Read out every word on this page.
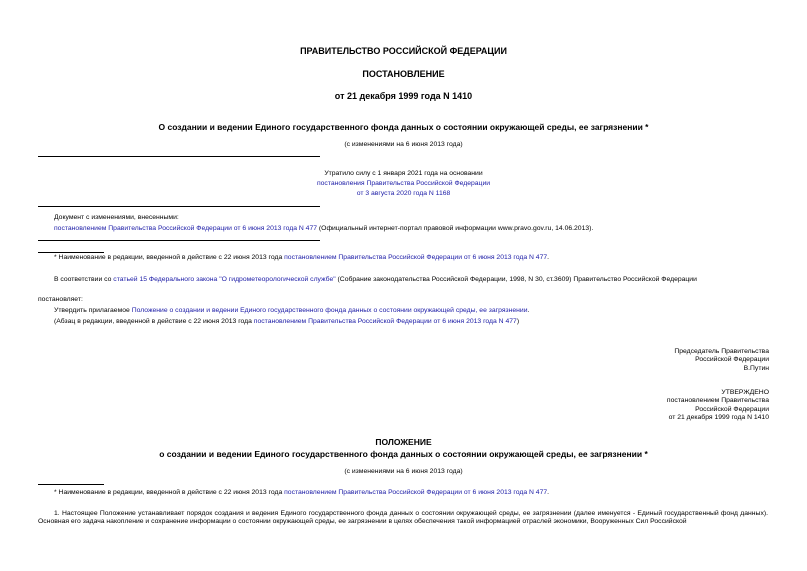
ПРАВИТЕЛЬСТВО РОССИЙСКОЙ ФЕДЕРАЦИИ
ПОСТАНОВЛЕНИЕ
от 21 декабря 1999 года N 1410
О создании и ведении Единого государственного фонда данных о состоянии окружающей среды, ее загрязнении *
(с изменениями на 6 июня 2013 года)
Утратило силу с 1 января 2021 года на основании
постановления Правительства Российской Федерации
от 3 августа 2020 года N 1168
Документ с изменениями, внесенными:
постановлением Правительства Российской Федерации от 6 июня 2013 года N 477 (Официальный интернет-портал правовой информации www.pravo.gov.ru, 14.06.2013).
* Наименование в редакции, введенной в действие с 22 июня 2013 года постановлением Правительства Российской Федерации от 6 июня 2013 года N 477.
В соответствии со статьей 15 Федерального закона "О гидрометеорологической службе" (Собрание законодательства Российской Федерации, 1998, N 30, ст.3609) Правительство Российской Федерации
постановляет:
Утвердить прилагаемое Положение о создании и ведении Единого государственного фонда данных о состоянии окружающей среды, ее загрязнении.
(Абзац в редакции, введенной в действие с 22 июня 2013 года постановлением Правительства Российской Федерации от 6 июня 2013 года N 477)
Председатель Правительства
Российской Федерации
В.Путин
УТВЕРЖДЕНО
постановлением Правительства
Российской Федерации
от 21 декабря 1999 года N 1410
ПОЛОЖЕНИЕ
о создании и ведении Единого государственного фонда данных о состоянии окружающей среды, ее загрязнении *
(с изменениями на 6 июня 2013 года)
* Наименование в редакции, введенной в действие с 22 июня 2013 года постановлением Правительства Российской Федерации от 6 июня 2013 года N 477.
1. Настоящее Положение устанавливает порядок создания и ведения Единого государственного фонда данных о состоянии окружающей среды, ее загрязнении (далее именуется - Единый государственный фонд данных). Основная его задача накопление и сохранение информации о состоянии окружающей среды, ее загрязнении в целях обеспечения такой информацией отраслей экономики, Вооруженных Сил Российской
